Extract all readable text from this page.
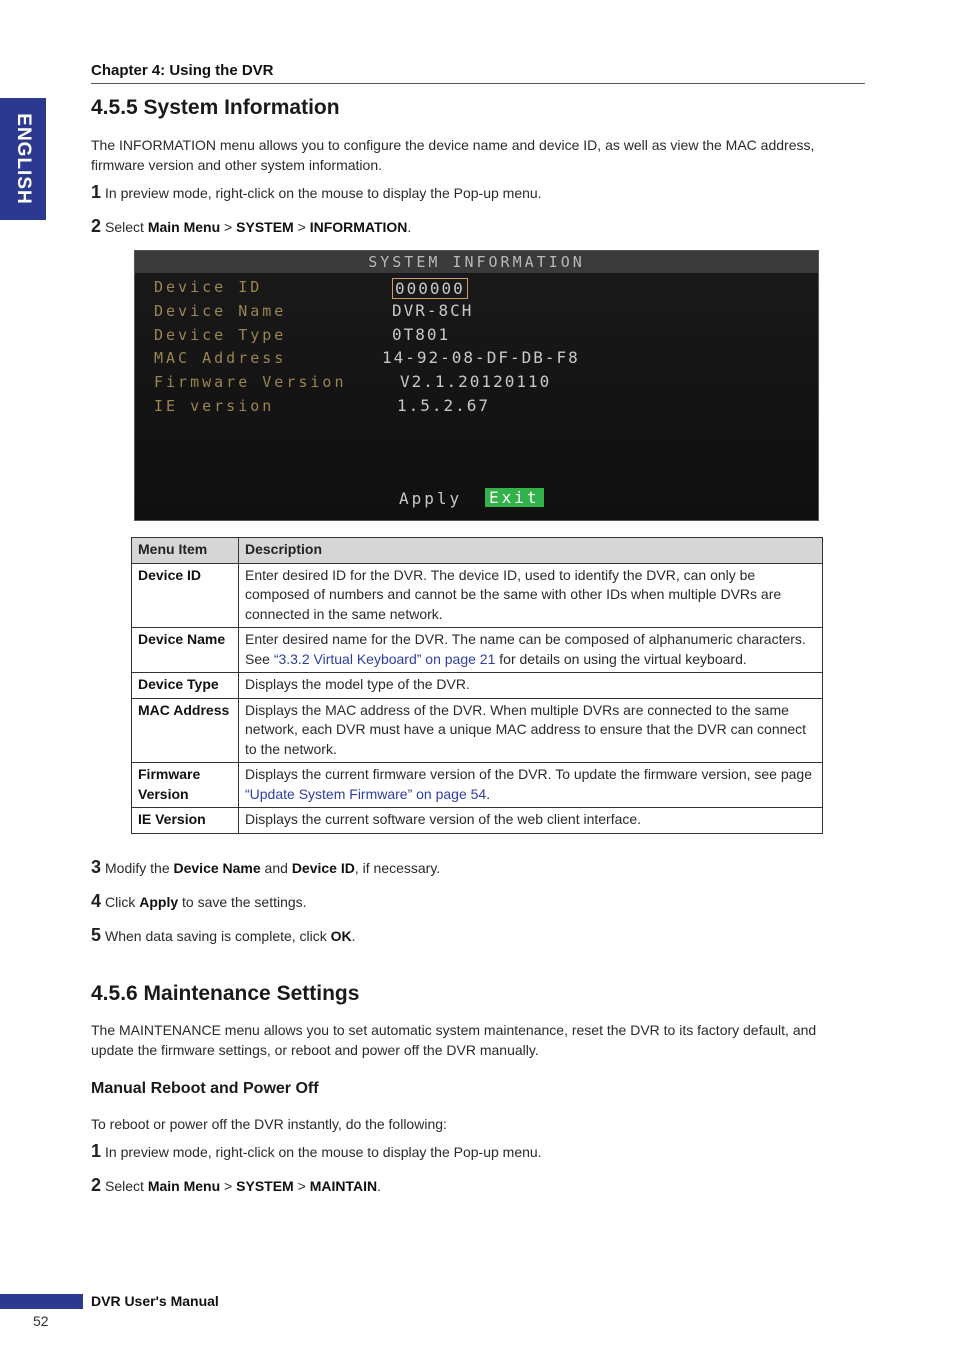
ENGLISH
Chapter 4: Using the DVR
4.5.5 System Information
The INFORMATION menu allows you to configure the device name and device ID, as well as view the MAC address, firmware version and other system information.
1 In preview mode, right-click on the mouse to display the Pop-up menu.
2 Select Main Menu > SYSTEM > INFORMATION.
SYSTEM INFORMATION
Device ID	000000
Device Name	DVR-8CH
Device Type	0T801
MAC Address	14-92-08-DF-DB-F8
Firmware Version	V2.1.20120110
IE version	1.5.2.67
Apply Exit
Menu Item	Description
Device ID	Enter desired ID for the DVR. The device ID, used to identify the DVR, can only be composed of numbers and cannot be the same with other IDs when multiple DVRs are connected in the same network.
Device Name	Enter desired name for the DVR. The name can be composed of alphanumeric characters. See “3.3.2 Virtual Keyboard” on page 21 for details on using the virtual keyboard.
Device Type	Displays the model type of the DVR.
MAC Address	Displays the MAC address of the DVR. When multiple DVRs are connected to the same network, each DVR must have a unique MAC address to ensure that the DVR can connect to the network.
Firmware Version	Displays the current firmware version of the DVR. To update the firmware version, see page “Update System Firmware” on page 54.
IE Version	Displays the current software version of the web client interface.
3 Modify the Device Name and Device ID, if necessary.
4 Click Apply to save the settings.
5 When data saving is complete, click OK.
4.5.6 Maintenance Settings
The MAINTENANCE menu allows you to set automatic system maintenance, reset the DVR to its factory default, and update the firmware settings, or reboot and power off the DVR manually.
Manual Reboot and Power Off
To reboot or power off the DVR instantly, do the following:
1 In preview mode, right-click on the mouse to display the Pop-up menu.
2 Select Main Menu > SYSTEM > MAINTAIN.
DVR User's Manual
52
